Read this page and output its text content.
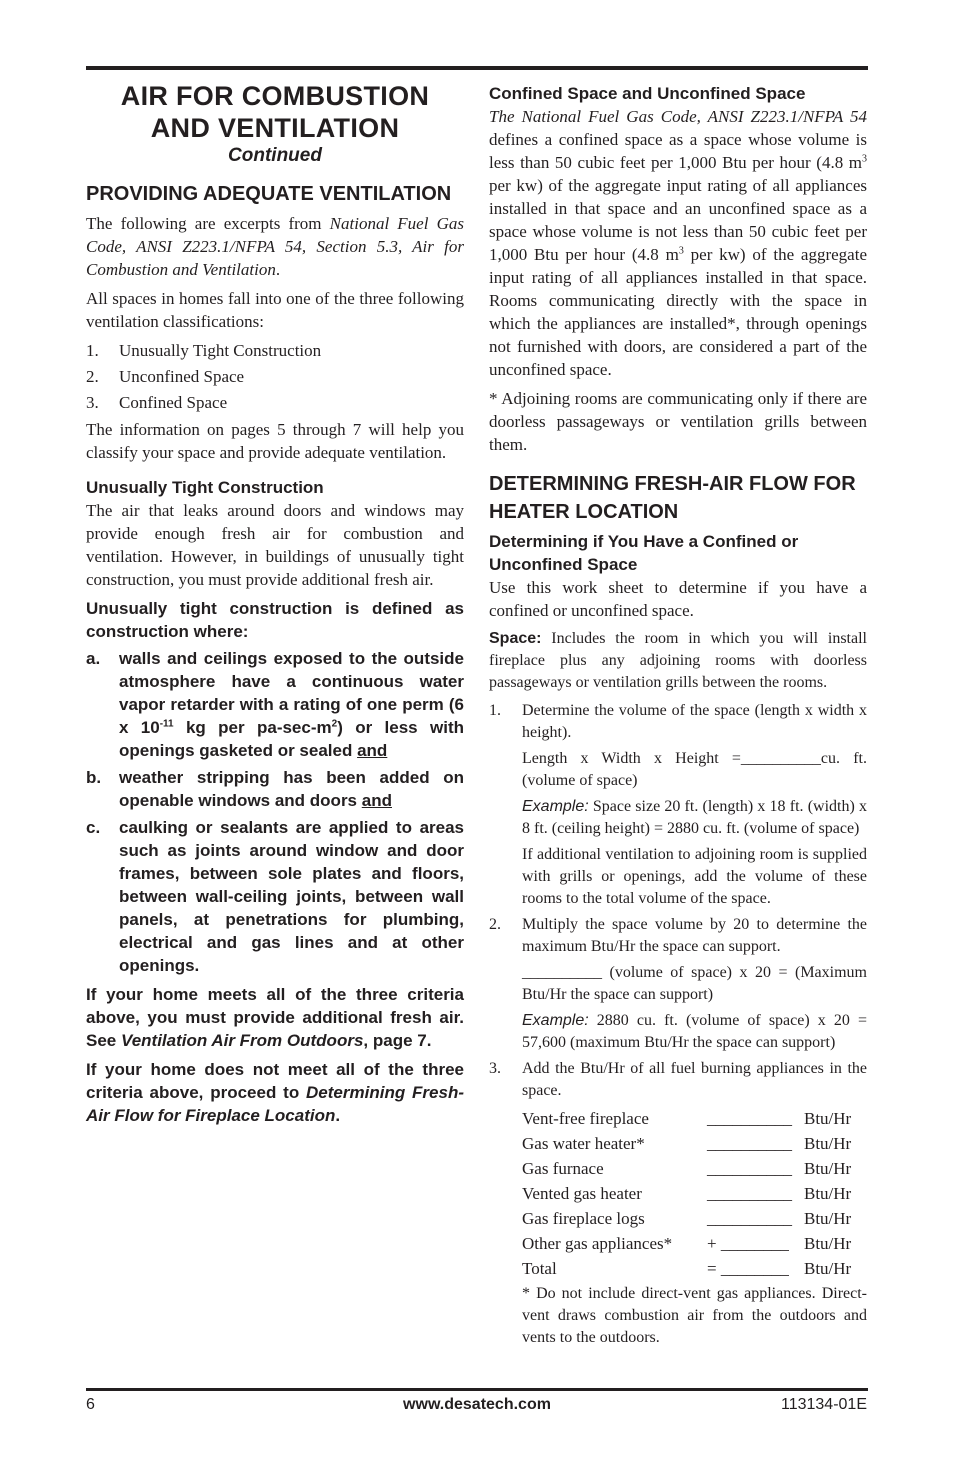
AIR FOR COMBUSTION
AND VENTILATION
Continued
PROVIDING ADEQUATE VENTILATION

The following are excerpts from National Fuel Gas Code, ANSI Z223.1/NFPA 54, Section 5.3, Air for Combustion and Ventilation.

All spaces in homes fall into one of the three following ventilation classifications:

1.	Unusually Tight Construction
2.	Unconfined Space
3.	Confined Space

The information on pages 5 through 7 will help you classify your space and provide adequate ventilation.

Unusually Tight Construction

The air that leaks around doors and windows may provide enough fresh air for combustion and ventilation. However, in buildings of unusually tight construction, you must provide additional fresh air.

Unusually tight construction is defined as construction where:
a.	walls and ceilings exposed to the outside atmosphere have a continuous water vapor retarder with a rating of one perm (6 x $10^{-11}$ kg per $pa-\sec-m^2$) or less with openings gasketed or sealed and
b.	weather stripping has been added on openable windows and doors and
c.	caulking or sealants are applied to areas such as joints around window and door frames, between sole plates and floors, between wall-ceiling joints, between wall panels, at penetrations for plumbing, electrical and gas lines and at other openings.
If your home meets all of the three criteria above, you must provide additional fresh air. See Ventilation Air From Outdoors, page 7.
If your home does not meet all of the three criteria above, proceed to Determining Fresh-Air Flow for Fireplace Location.
Confined Space and Unconfined Space

The National Fuel Gas Code, ANSI Z223.1/NFPA 54 defines a confined space as a space whose volume is less than 50 cubic feet per 1,000 Btu per hour (4.8 $m^3$ per kw) of the aggregate input rating of all appliances installed in that space and an unconfined space as a space whose volume is not less than 50 cubic feet per 1,000 Btu per hour (4.8 $m^3$ per kw) of the aggregate input rating of all appliances installed in that space. Rooms communicating directly with the space in which the appliances are installed*, through openings not furnished with doors, are considered a part of the unconfined space.

* Adjoining rooms are communicating only if there are doorless passageways or ventilation grills between them.

DETERMINING FRESH-AIR FLOW FOR HEATER LOCATION
Determining if You Have a Confined or Unconfined Space

Use this work sheet to determine if you have a confined or unconfined space.

Space: Includes the room in which you will install fireplace plus any adjoining rooms with doorless passageways or ventilation grills between the rooms.

1.	Determine the volume of the space (length x width x height).

Length x Width x Height =__________cu. ft. (volume of space)

Example: Space size 20 ft. (length) x 18 ft. (width) x 8 ft. (ceiling height) = 2880 cu. ft. (volume of space)

If additional ventilation to adjoining room is supplied with grills or openings, add the volume of these rooms to the total volume of the space.

2.	Multiply the space volume by 20 to determine the maximum Btu/Hr the space can support.

__________ (volume of space) x 20 = (Maximum Btu/Hr the space can support)

Example: 2880 cu. ft. (volume of space) x 20 = 57,600 (maximum Btu/Hr the space can support)

3.	Add the Btu/Hr of all fuel burning appliances in the space.

Vent-free fireplace	__________	Btu/Hr
Gas water heater*	__________	Btu/Hr
Gas furnace	__________	Btu/Hr
Vented gas heater	__________	Btu/Hr
Gas fireplace logs	__________	Btu/Hr
Other gas appliances*	+ ________	Btu/Hr
Total	= ________	Btu/Hr

* Do not include direct-vent gas appliances. Direct-vent draws combustion air from the outdoors and vents to the outdoors.

6	www.desatech.com	113134-01E
